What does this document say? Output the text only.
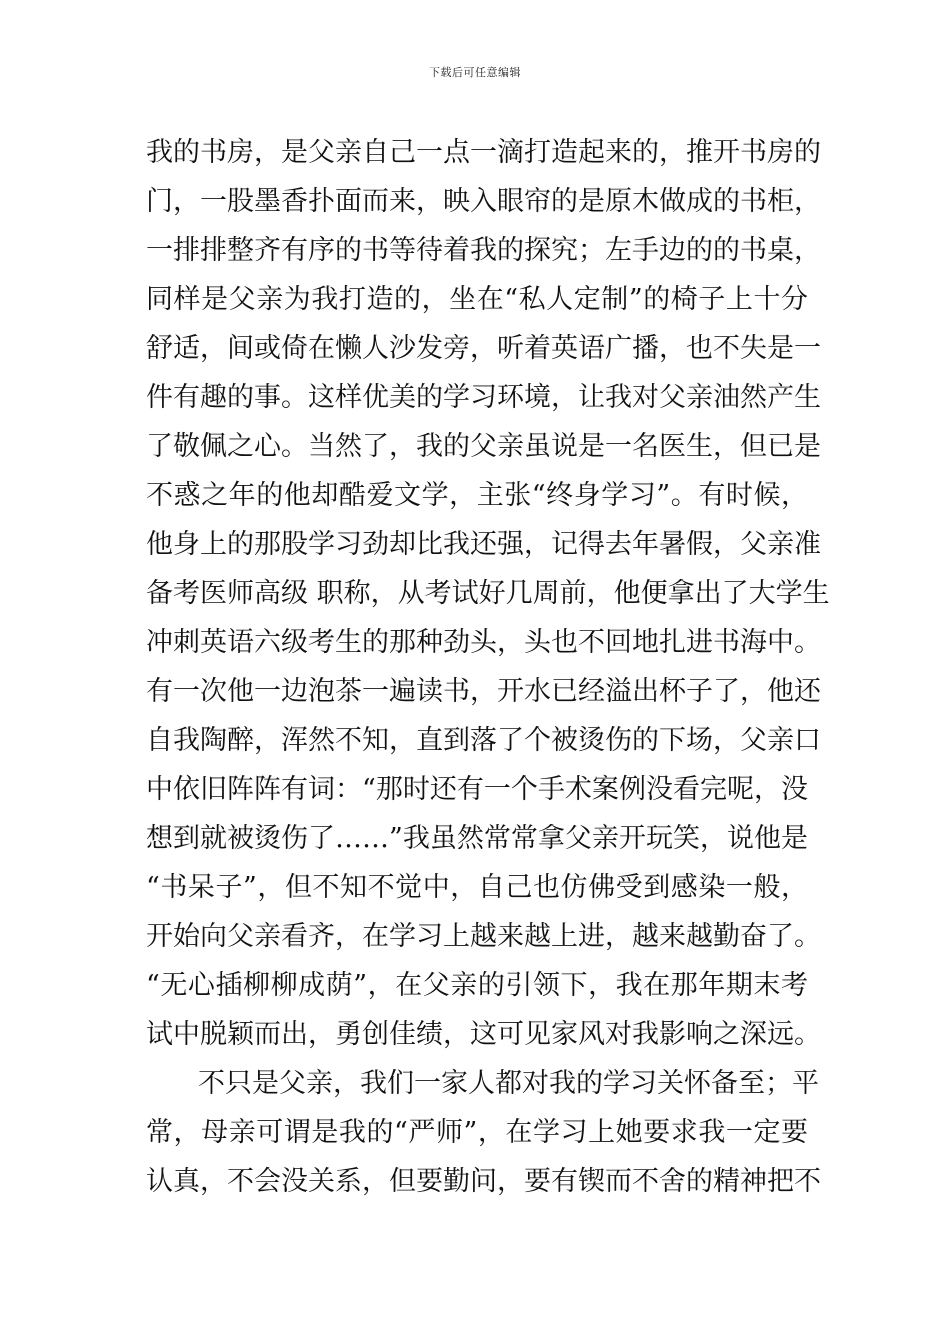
下载后可任意编辑
我的书房，是父亲自己一点一滴打造起来的，推开书房的
门，一股墨香扑面而来，映入眼帘的是原木做成的书柜，
一排排整齐有序的书等待着我的探究；左手边的的书桌，
同样是父亲为我打造的，坐在“私人定制”的椅子上十分
舒适，间或倚在懒人沙发旁，听着英语广播，也不失是一
件有趣的事。这样优美的学习环境，让我对父亲油然产生
了敬佩之心。当然了，我的父亲虽说是一名医生，但已是
不惑之年的他却酷爱文学，主张“终身学习”。有时候，
他身上的那股学习劲却比我还强，记得去年暑假，父亲准
备考医师高级 职称，从考试好几周前，他便拿出了大学生
冲刺英语六级考生的那种劲头，头也不回地扎进书海中。
有一次他一边泡茶一遍读书，开水已经溢出杯子了，他还
自我陶醉，浑然不知，直到落了个被烫伤的下场，父亲口
中依旧阵阵有词：“那时还有一个手术案例没看完呢，没
想到就被烫伤了……”我虽然常常拿父亲开玩笑，说他是
“书呆子”，但不知不觉中，自己也仿佛受到感染一般，
开始向父亲看齐，在学习上越来越上进，越来越勤奋了。
“无心插柳柳成荫”，在父亲的引领下，我在那年期末考
试中脱颖而出，勇创佳绩，这可见家风对我影响之深远。
不只是父亲，我们一家人都对我的学习关怀备至；平
常，母亲可谓是我的“严师”，在学习上她要求我一定要
认真，不会没关系，但要勤问，要有锲而不舍的精神把不
